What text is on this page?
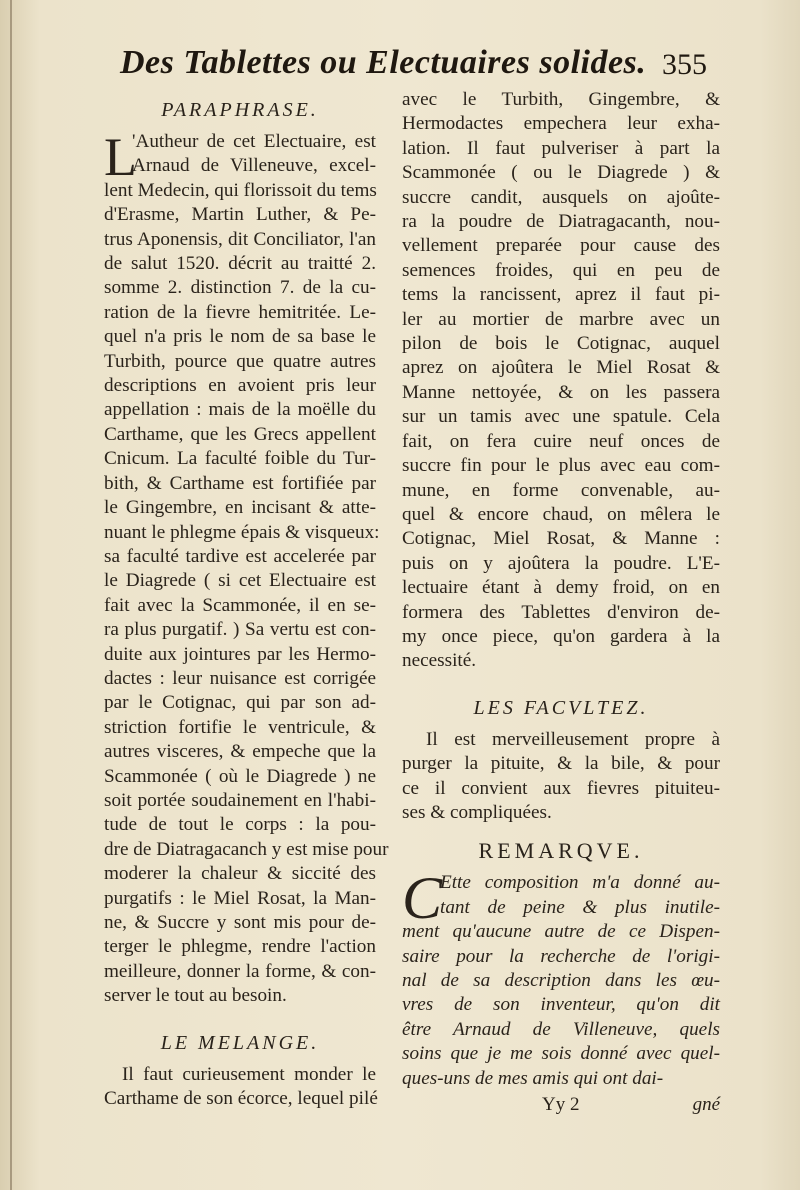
Des Tablettes ou Electuaires solides. 355
PARAPHRASE.
L
'Autheur de cet Electuaire, est
Arnaud de Villeneuve, excel-
lent Medecin, qui florissoit du tems
d'Erasme, Martin Luther, & Pe-
trus Aponensis, dit Conciliator, l'an
de salut 1520. décrit au traitté 2.
somme 2. distinction 7. de la cu-
ration de la fievre hemitritée. Le-
quel n'a pris le nom de sa base le
Turbith, pource que quatre autres
descriptions en avoient pris leur
appellation : mais de la moëlle du
Carthame, que les Grecs appellent
Cnicum. La faculté foible du Tur-
bith, & Carthame est fortifiée par
le Gingembre, en incisant & atte-
nuant le phlegme épais & visqueux:
sa faculté tardive est accelerée par
le Diagrede ( si cet Electuaire est
fait avec la Scammonée, il en se-
ra plus purgatif. ) Sa vertu est con-
duite aux jointures par les Hermo-
dactes : leur nuisance est corrigée
par le Cotignac, qui par son ad-
striction fortifie le ventricule, &
autres visceres, & empeche que la
Scammonée ( où le Diagrede ) ne
soit portée soudainement en l'habi-
tude de tout le corps : la pou-
dre de Diatragacanch y est mise pour
moderer la chaleur & siccité des
purgatifs : le Miel Rosat, la Man-
ne, & Succre y sont mis pour de-
terger le phlegme, rendre l'action
meilleure, donner la forme, & con-
server le tout au besoin.
LE MELANGE.
Il faut curieusement monder le
Carthame de son écorce, lequel pilé
avec le Turbith, Gingembre, &
Hermodactes empechera leur exha-
lation. Il faut pulveriser à part la
Scammonée ( ou le Diagrede ) &
succre candit, ausquels on ajoûte-
ra la poudre de Diatragacanth, nou-
vellement preparée pour cause des
semences froides, qui en peu de
tems la rancissent, aprez il faut pi-
ler au mortier de marbre avec un
pilon de bois le Cotignac, auquel
aprez on ajoûtera le Miel Rosat &
Manne nettoyée, & on les passera
sur un tamis avec une spatule. Cela
fait, on fera cuire neuf onces de
succre fin pour le plus avec eau com-
mune, en forme convenable, au-
quel & encore chaud, on mêlera le
Cotignac, Miel Rosat, & Manne :
puis on y ajoûtera la poudre. L'E-
lectuaire étant à demy froid, on en
formera des Tablettes d'environ de-
my once piece, qu'on gardera à la
necessité.
LES FACVLTEZ.
Il est merveilleusement propre à
purger la pituite, & la bile, & pour
ce il convient aux fievres pituiteu-
ses & compliquées.
REMARQVE.
C
Ette composition m'a donné au-
tant de peine & plus inutile-
ment qu'aucune autre de ce Dispen-
saire pour la recherche de l'origi-
nal de sa description dans les œu-
vres de son inventeur, qu'on dit
être Arnaud de Villeneuve, quels
soins que je me sois donné avec quel-
ques-uns de mes amis qui ont dai-
Yy 2	gné
